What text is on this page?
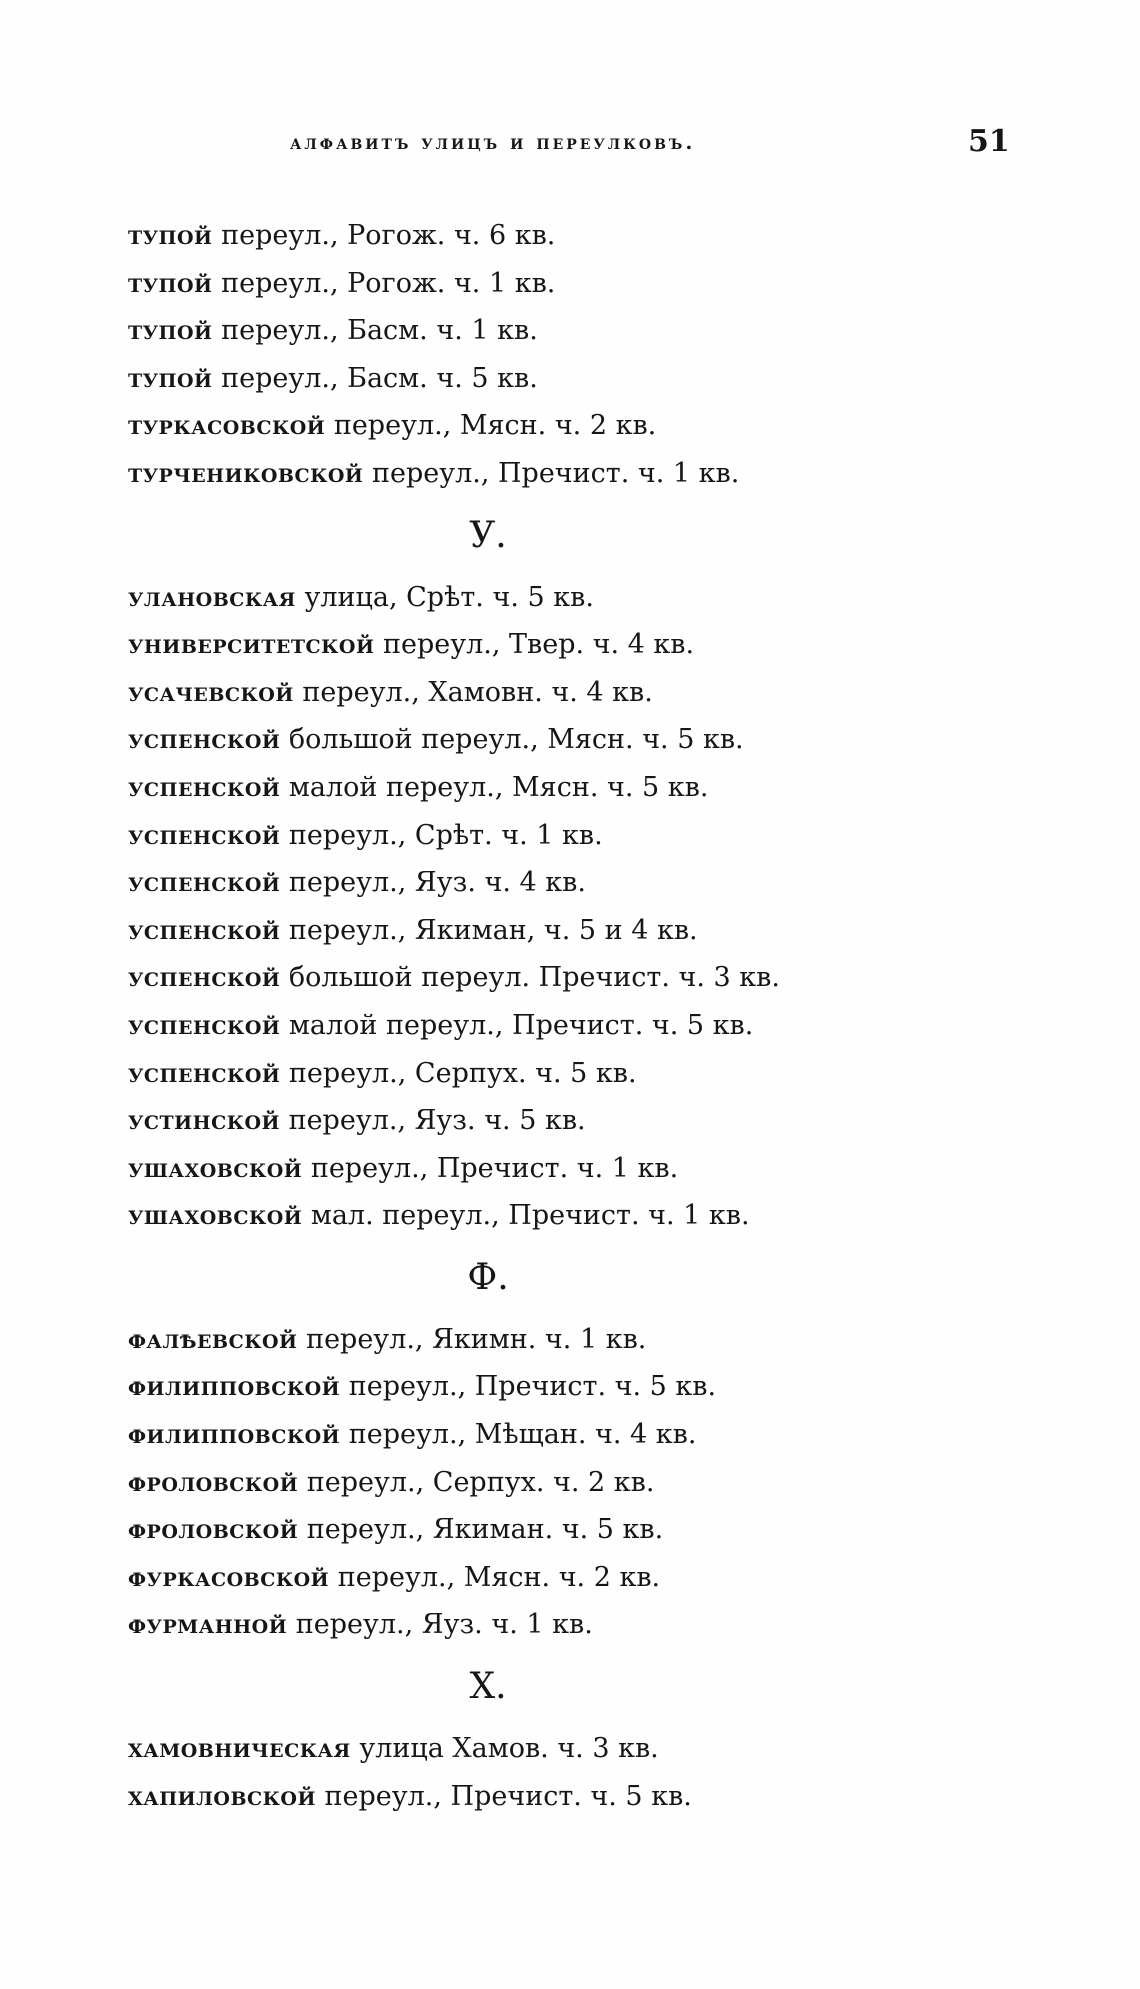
алфавитъ улицъ и переулковъ.	51
тупой переул., Рогож. ч. 6 кв.
тупой переул., Рогож. ч. 1 кв.
тупой переул., Басм. ч. 1 кв.
тупой переул., Басм. ч. 5 кв.
туркасовской переул., Мясн. ч. 2 кв.
турчениковской переул., Пречист. ч. 1 кв.
У.
улановская улица, Срѣт. ч. 5 кв.
университетской переул., Твер. ч. 4 кв.
усачевской переул., Хамовн. ч. 4 кв.
успенской большой переул., Мясн. ч. 5 кв.
успенской малой переул., Мясн. ч. 5 кв.
успенской переул., Срѣт. ч. 1 кв.
успенской переул., Яуз. ч. 4 кв.
успенской переул., Якиман, ч. 5 и 4 кв.
успенской большой переул. Пречист. ч. 3 кв.
успенской малой переул., Пречист. ч. 5 кв.
успенской переул., Серпух. ч. 5 кв.
устинской переул., Яуз. ч. 5 кв.
ушаховской переул., Пречист. ч. 1 кв.
ушаховской мал. переул., Пречист. ч. 1 кв.
Ф.
фалѣевской переул., Якимн. ч. 1 кв.
филипповской переул., Пречист. ч. 5 кв.
филипповской переул., Мѣщан. ч. 4 кв.
фроловской переул., Серпух. ч. 2 кв.
фроловской переул., Якиман. ч. 5 кв.
фуркасовской переул., Мясн. ч. 2 кв.
фурманной переул., Яуз. ч. 1 кв.
Х.
хамовническая улица Хамов. ч. 3 кв.
хапиловской переул., Пречист. ч. 5 кв.
